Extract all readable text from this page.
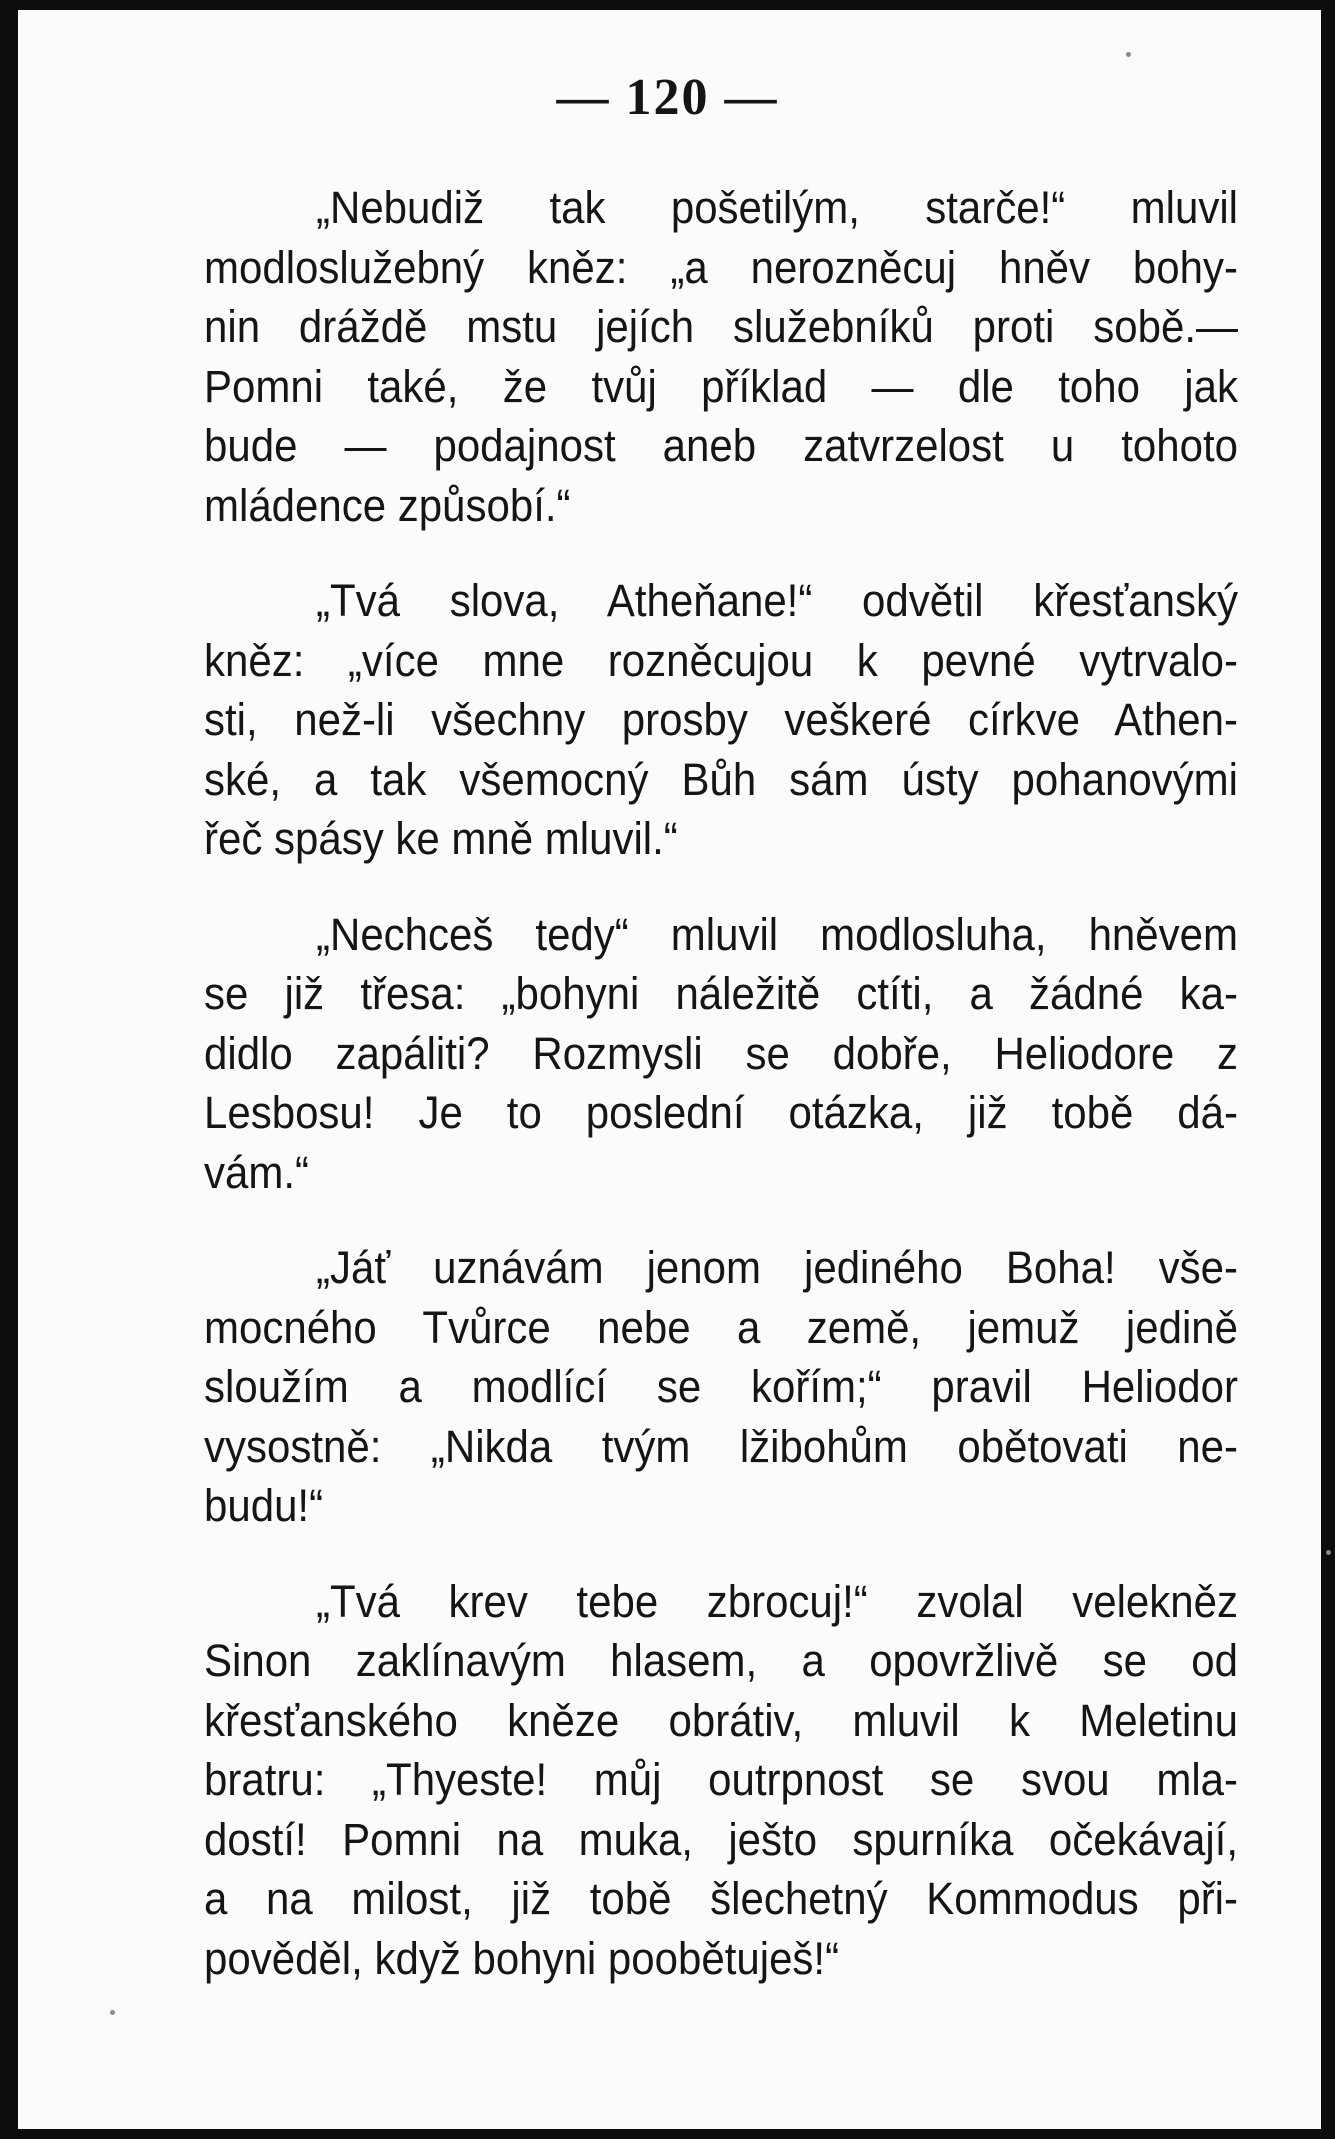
— 120 —
„Nebudiž tak pošetilým, starče!“ mluvil
modloslužebný kněz: „a nerozněcuj hněv bohy-
nin dráždě mstu jejích služebníků proti sobě.—
Pomni také, že tvůj příklad — dle toho jak
bude — podajnost aneb zatvrzelost u tohoto
mládence způsobí.“
„Tvá slova, Atheňane!“ odvětil křesťanský
kněz: „více mne rozněcujou k pevné vytrvalo-
sti, než-li všechny prosby veškeré církve Athen-
ské, a tak všemocný Bůh sám ústy pohanovými
řeč spásy ke mně mluvil.“
„Nechceš tedy“ mluvil modlosluha, hněvem
se již třesa: „bohyni náležitě ctíti, a žádné ka-
didlo zapáliti? Rozmysli se dobře, Heliodore z
Lesbosu! Je to poslední otázka, již tobě dá-
vám.“
„Jáť uznávám jenom jediného Boha! vše-
mocného Tvůrce nebe a země, jemuž jedině
sloužím a modlící se kořím;“ pravil Heliodor
vysostně: „Nikda tvým lžibohům obětovati ne-
budu!“
„Tvá krev tebe zbrocuj!“ zvolal velekněz
Sinon zaklínavým hlasem, a opovržlivě se od
křesťanského kněze obrátiv, mluvil k Meletinu
bratru: „Thyeste! můj outrpnost se svou mla-
dostí! Pomni na muka, ješto spurníka očekávají,
a na milost, již tobě šlechetný Kommodus při-
pověděl, když bohyni poobětuješ!“
